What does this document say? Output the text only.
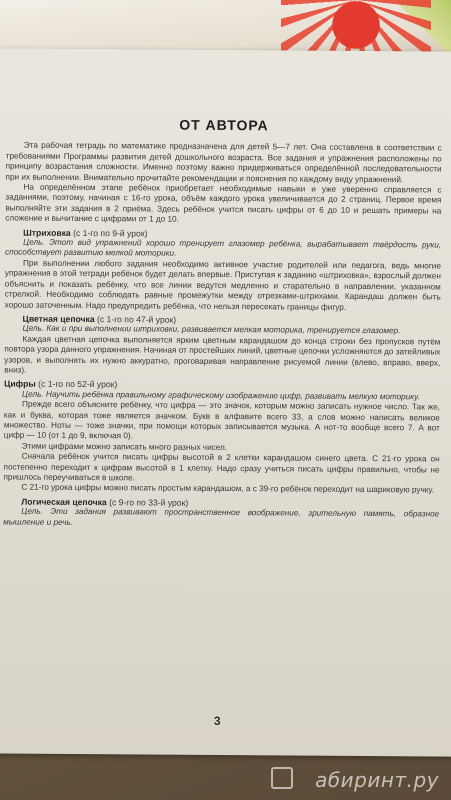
ОТ АВТОРА

Эта рабочая тетрадь по математике предназначена для детей 5—7 лет. Она составлена в соответствии с требованиями Программы развития детей дошкольного возраста. Все задания и упражнения расположены по принципу возрастания сложности. Именно поэтому важно придерживаться определённой последовательности при их выполнении. Внимательно прочитайте рекомендации и пояснения по каждому виду упражнений.

На определённом этапе ребёнок приобретает необходимые навыки и уже уверенно справляется с заданиями, поэтому, начиная с 16-го урока, объём каждого урока увеличивается до 2 страниц. Первое время выполняйте эти задания в 2 приёма. Здесь ребёнок учится писать цифры от 6 до 10 и решать примеры на сложение и вычитание с цифрами от 1 до 10.

Штриховка (с 1-го по 9-й урок)

Цель. Этот вид упражнений хорошо тренирует глазомер ребёнка, вырабатывает твёрдость руки, способствует развитию мелкой моторики.

При выполнении любого задания необходимо активное участие родителей или педагога, ведь многие упражнения в этой тетради ребёнок будет делать впервые. Приступая к заданию «штриховка», взрослый должен объяснить и показать ребёнку, что все линии ведутся медленно и старательно в направлении, указанном стрелкой. Необходимо соблюдать равные промежутки между отрезками-штрихами. Карандаш должен быть хорошо заточенным. Надо предупредить ребёнка, что нельзя пересекать границы фигур.

Цветная цепочка (с 1-го по 47-й урок)

Цель. Как и при выполнении штриховки, развивается мелкая моторика, тренируется глазомер.

Каждая цветная цепочка выполняется ярким цветным карандашом до конца строки без пропусков путём повтора узора данного упражнения. Начиная от простейших линий, цветные цепочки усложняются до затейливых узоров, и выполнять их нужно аккуратно, проговаривая направление рисуемой линии (влево, вправо, вверх, вниз).

Цифры (с 1-го по 52-й урок)

Цель. Научить ребёнка правильному графическому изображению цифр, развивать мелкую моторику.

Прежде всего объясните ребёнку, что цифра — это значок, которым можно записать нужное число. Так же, как и буква, которая тоже является значком. Букв в алфавите всего 33, а слов можно написать великое множество. Ноты — тоже значки, при помощи которых записывается музыка. А нот-то вообще всего 7. А вот цифр — 10 (от 1 до 9, включая 0).

Этими цифрами можно записать много разных чисел.

Сначала ребёнок учится писать цифры высотой в 2 клетки карандашом синего цвета. С 21-го урока он постепенно переходит к цифрам высотой в 1 клетку. Надо сразу учиться писать цифры правильно, чтобы не пришлось переучиваться в школе.

С 21-го урока цифры можно писать простым карандашом, а с 39-го ребёнок переходит на шариковую ручку.

Логическая цепочка (с 9-го по 33-й урок)

Цель. Эти задания развивают пространственное воображение, зрительную память, образное мышление и речь.

3
абиринт.ру
